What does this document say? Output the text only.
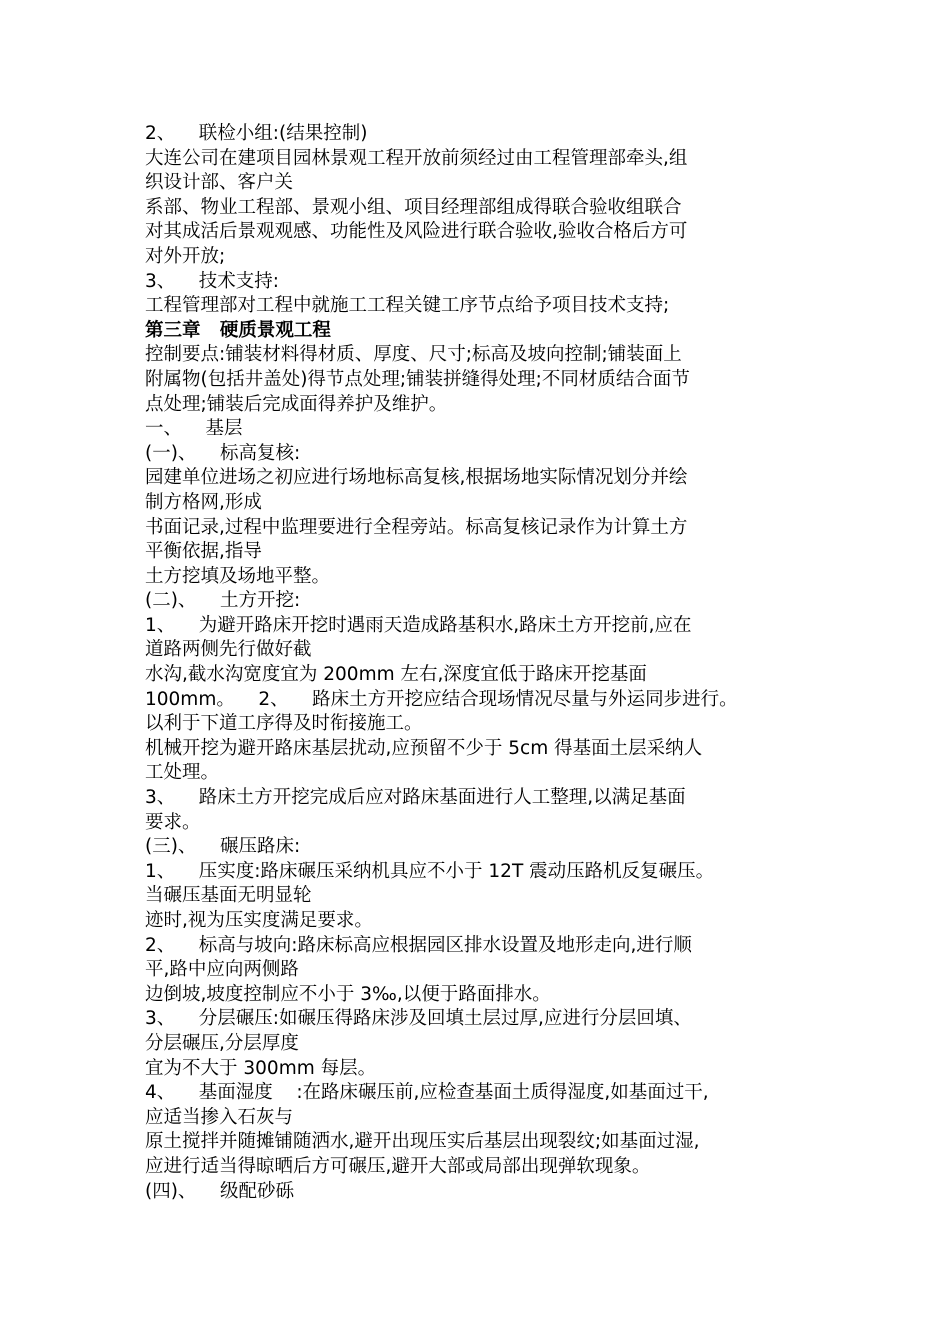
2、    联检小组:(结果控制)
大连公司在建项目园林景观工程开放前须经过由工程管理部牵头,组
织设计部、客户关
系部、物业工程部、景观小组、项目经理部组成得联合验收组联合
对其成活后景观观感、功能性及风险进行联合验收,验收合格后方可
对外开放;
3、    技术支持:
工程管理部对工程中就施工工程关键工序节点给予项目技术支持;
第三章   硬质景观工程
控制要点:铺装材料得材质、厚度、尺寸;标高及坡向控制;铺装面上
附属物(包括井盖处)得节点处理;铺装拼缝得处理;不同材质结合面节
点处理;铺装后完成面得养护及维护。
一、    基层
(一)、    标高复核:
园建单位进场之初应进行场地标高复核,根据场地实际情况划分并绘
制方格网,形成
书面记录,过程中监理要进行全程旁站。标高复核记录作为计算土方
平衡依据,指导
土方挖填及场地平整。
(二)、    土方开挖:
1、    为避开路床开挖时遇雨天造成路基积水,路床土方开挖前,应在
道路两侧先行做好截
水沟,截水沟宽度宜为 200mm 左右,深度宜低于路床开挖基面
100mm。    2、    路床土方开挖应结合现场情况尽量与外运同步进行。
以利于下道工序得及时衔接施工。
机械开挖为避开路床基层扰动,应预留不少于 5cm 得基面土层采纳人
工处理。
3、    路床土方开挖完成后应对路床基面进行人工整理,以满足基面
要求。
(三)、    碾压路床:
1、    压实度:路床碾压采纳机具应不小于 12T 震动压路机反复碾压。
当碾压基面无明显轮
迹时,视为压实度满足要求。
2、    标高与坡向:路床标高应根据园区排水设置及地形走向,进行顺
平,路中应向两侧路
边倒坡,坡度控制应不小于 3‰,以便于路面排水。
3、    分层碾压:如碾压得路床涉及回填土层过厚,应进行分层回填、
分层碾压,分层厚度
宜为不大于 300mm 每层。
4、    基面湿度    :在路床碾压前,应检查基面土质得湿度,如基面过干,
应适当掺入石灰与
原土搅拌并随摊铺随洒水,避开出现压实后基层出现裂纹;如基面过湿,
应进行适当得晾晒后方可碾压,避开大部或局部出现弹软现象。
(四)、    级配砂砾
